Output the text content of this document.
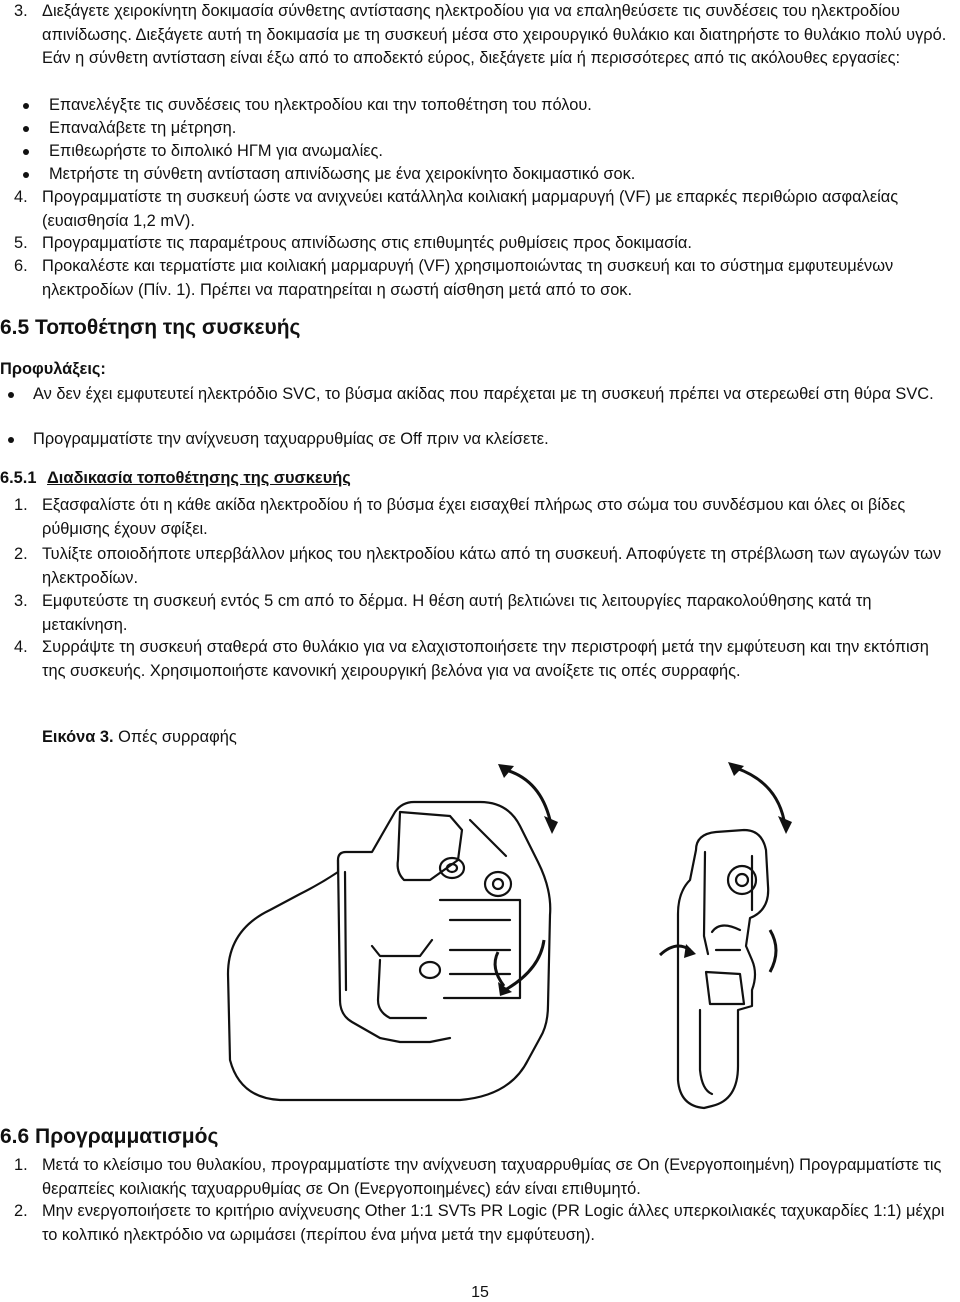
3. Διεξάγετε χειροκίνητη δοκιμασία σύνθετης αντίστασης ηλεκτροδίου για να επαληθεύσετε τις συνδέσεις του ηλεκτροδίου απινίδωσης. Διεξάγετε αυτή τη δοκιμασία με τη συσκευή μέσα στο χειρουργικό θυλάκιο και διατηρήστε το θυλάκιο πολύ υγρό. Εάν η σύνθετη αντίσταση είναι έξω από το αποδεκτό εύρος, διεξάγετε μία ή περισσότερες από τις ακόλουθες εργασίες:
Επανελέγξτε τις συνδέσεις του ηλεκτροδίου και την τοποθέτηση του πόλου.
Επαναλάβετε τη μέτρηση.
Επιθεωρήστε το διπολικό ΗΓΜ για ανωμαλίες.
Μετρήστε τη σύνθετη αντίσταση απινίδωσης με ένα χειροκίνητο δοκιμαστικό σοκ.
4. Προγραμματίστε τη συσκευή ώστε να ανιχνεύει κατάλληλα κοιλιακή μαρμαρυγή (VF) με επαρκές περιθώριο ασφαλείας (ευαισθησία 1,2 mV).
5. Προγραμματίστε τις παραμέτρους απινίδωσης στις επιθυμητές ρυθμίσεις προς δοκιμασία.
6. Προκαλέστε και τερματίστε μια κοιλιακή μαρμαρυγή (VF) χρησιμοποιώντας τη συσκευή και το σύστημα εμφυτευμένων ηλεκτροδίων (Πίν. 1). Πρέπει να παρατηρείται η σωστή αίσθηση μετά από το σοκ.
6.5 Τοποθέτηση της συσκευής
Προφυλάξεις:
Αν δεν έχει εμφυτευτεί ηλεκτρόδιο SVC, το βύσμα ακίδας που παρέχεται με τη συσκευή πρέπει να στερεωθεί στη θύρα SVC.
Προγραμματίστε την ανίχνευση ταχυαρρυθμίας σε Off πριν να κλείσετε.
6.5.1 Διαδικασία τοποθέτησης της συσκευής
1. Εξασφαλίστε ότι η κάθε ακίδα ηλεκτροδίου ή το βύσμα έχει εισαχθεί πλήρως στο σώμα του συνδέσμου και όλες οι βίδες ρύθμισης έχουν σφίξει.
2. Τυλίξτε οποιοδήποτε υπερβάλλον μήκος του ηλεκτροδίου κάτω από τη συσκευή. Αποφύγετε τη στρέβλωση των αγωγών των ηλεκτροδίων.
3. Εμφυτεύστε τη συσκευή εντός 5 cm από το δέρμα. Η θέση αυτή βελτιώνει τις λειτουργίες παρακολούθησης κατά τη μετακίνηση.
4. Συρράψτε τη συσκευή σταθερά στο θυλάκιο για να ελαχιστοποιήσετε την περιστροφή μετά την εμφύτευση και την εκτόπιση της συσκευής. Χρησιμοποιήστε κανονική χειρουργική βελόνα για να ανοίξετε τις οπές συρραφής.
Εικόνα 3. Οπές συρραφής
6.6 Προγραμματισμός
1. Μετά το κλείσιμο του θυλακίου, προγραμματίστε την ανίχνευση ταχυαρρυθμίας σε On (Ενεργοποιημένη) Προγραμματίστε τις θεραπείες κοιλιακής ταχυαρρυθμίας σε On (Ενεργοποιημένες) εάν είναι επιθυμητό.
2. Μην ενεργοποιήσετε το κριτήριο ανίχνευσης Other 1:1 SVTs PR Logic (PR Logic άλλες υπερκοιλιακές ταχυκαρδίες 1:1) μέχρι το κολπικό ηλεκτρόδιο να ωριμάσει (περίπου ένα μήνα μετά την εμφύτευση).
15
